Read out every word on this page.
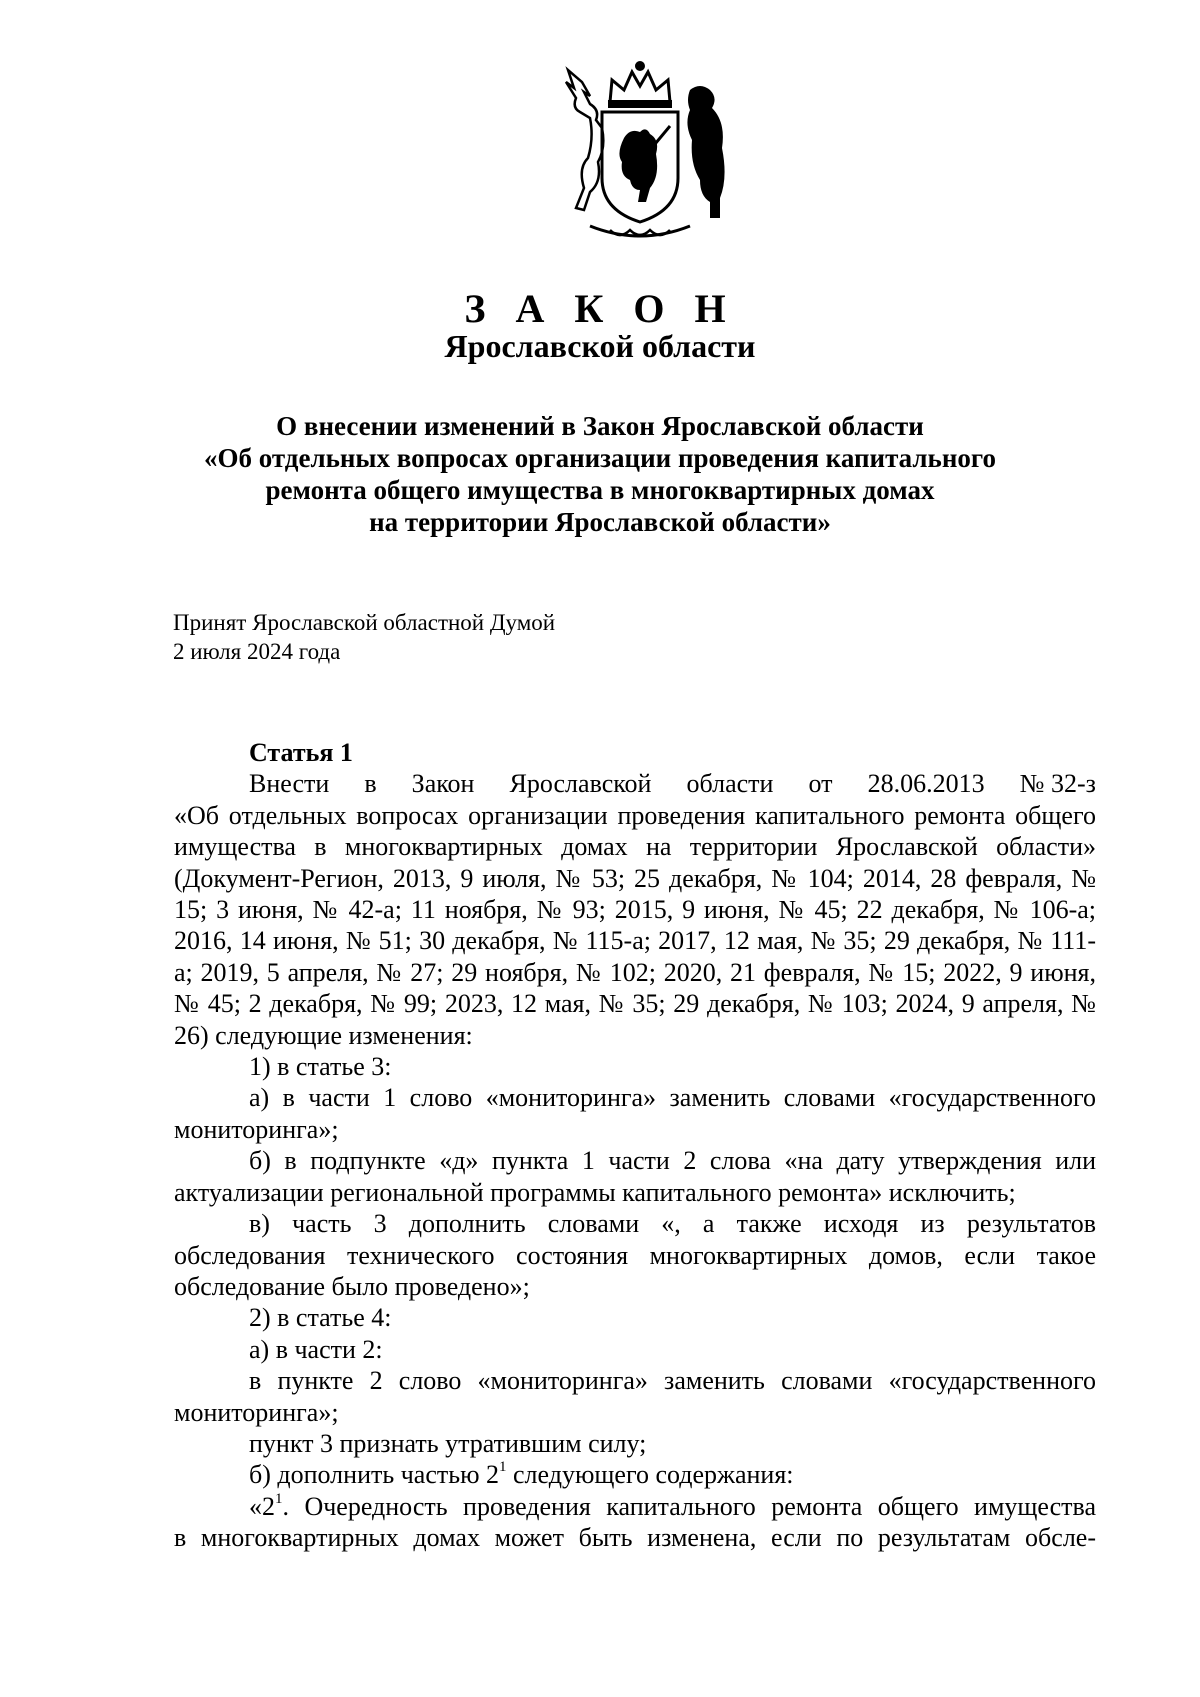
З А К О Н
Ярославской области
О внесении изменений в Закон Ярославской области
«Об отдельных вопросах организации проведения капитального
ремонта общего имущества в многоквартирных домах
на территории Ярославской области»
Принят Ярославской областной Думой
2 июля 2024 года
Статья 1
Внести в Закон Ярославской области от 28.06.2013 № 32-з
«Об отдельных вопросах организации проведения капитального ремонта общего имущества в многоквартирных домах на территории Ярославской области» (Документ-Регион, 2013, 9 июля, № 53; 25 декабря, № 104; 2014, 28 февраля, № 15; 3 июня, № 42-а; 11 ноября, № 93; 2015, 9 июня, № 45; 22 декабря, № 106-а; 2016, 14 июня, № 51; 30 декабря, № 115-а; 2017, 12 мая, № 35; 29 декабря, № 111-а; 2019, 5 апреля, № 27; 29 ноября, № 102; 2020, 21 февраля, № 15; 2022, 9 июня, № 45; 2 декабря, № 99; 2023, 12 мая, № 35; 29 декабря, № 103; 2024, 9 апреля, № 26) следующие изменения:
1) в статье 3:
а) в части 1 слово «мониторинга» заменить словами «государственного мониторинга»;
б) в подпункте «д» пункта 1 части 2 слова «на дату утверждения или актуализации региональной программы капитального ремонта» исключить;
в) часть 3 дополнить словами «, а также исходя из результатов обследования технического состояния многоквартирных домов, если такое обследование было проведено»;
2) в статье 4:
а) в части 2:
в пункте 2 слово «мониторинга» заменить словами «государственного мониторинга»;
пункт 3 признать утратившим силу;
б) дополнить частью $2^1$ следующего содержания:
«$2^1$. Очередность проведения капитального ремонта общего имущества
в многоквартирных домах может быть изменена, если по результатам обсле-
